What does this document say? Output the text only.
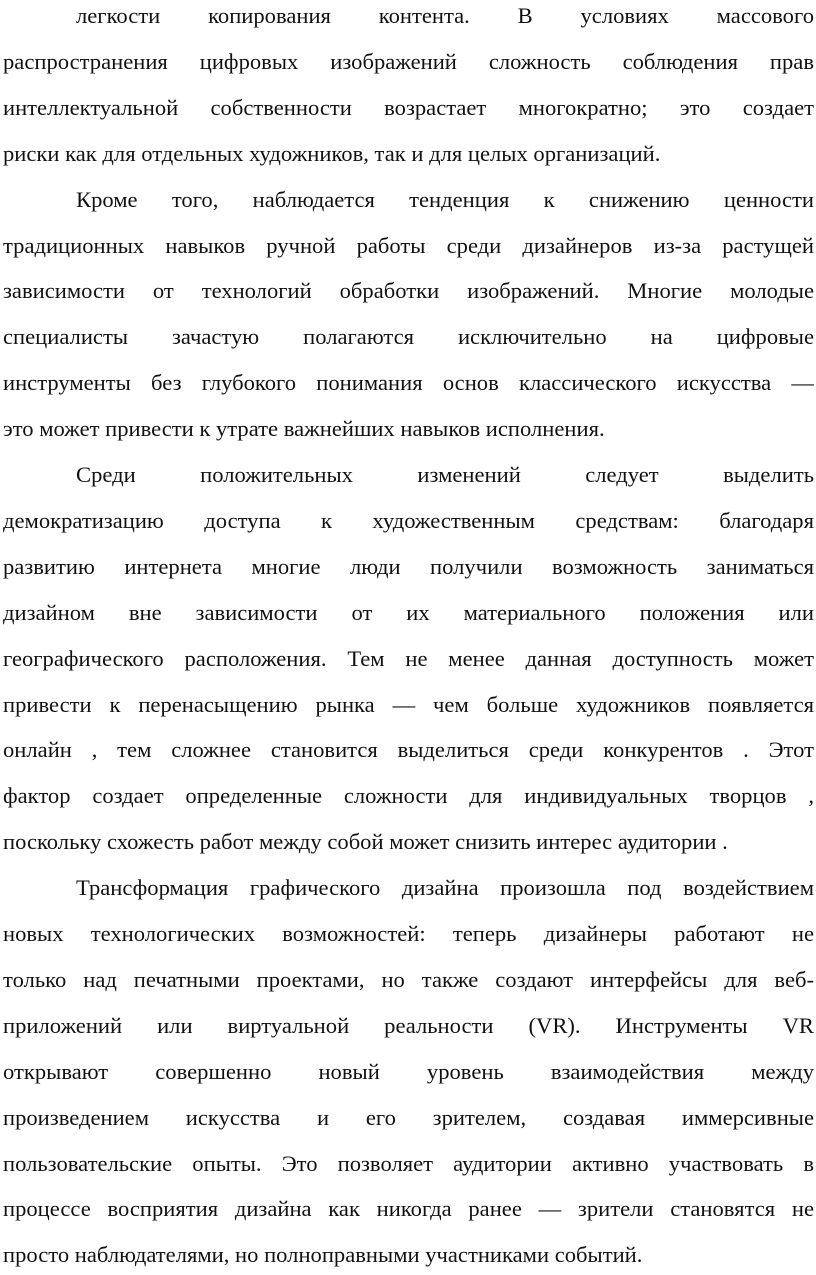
легкости копирования контента. В условиях массового
распространения цифровых изображений сложность соблюдения прав
интеллектуальной собственности возрастает многократно; это создает
риски как для отдельных художников, так и для целых организаций.
Кроме того, наблюдается тенденция к снижению ценности
традиционных навыков ручной работы среди дизайнеров из-за растущей
зависимости от технологий обработки изображений. Многие молодые
специалисты зачастую полагаются исключительно на цифровые
инструменты без глубокого понимания основ классического искусства —
это может привести к утрате важнейших навыков исполнения.
Среди положительных изменений следует выделить
демократизацию доступа к художественным средствам: благодаря
развитию интернета многие люди получили возможность заниматься
дизайном вне зависимости от их материального положения или
географического расположения. Тем не менее данная доступность может
привести к перенасыщению рынка — чем больше художников появляется
онлайн , тем сложнее становится выделиться среди конкурентов . Этот
фактор создает определенные сложности для индивидуальных творцов ,
поскольку схожесть работ между собой может снизить интерес аудитории .
Трансформация графического дизайна произошла под воздействием
новых технологических возможностей: теперь дизайнеры работают не
только над печатными проектами, но также создают интерфейсы для веб-
приложений или виртуальной реальности (VR). Инструменты VR
открывают совершенно новый уровень взаимодействия между
произведением искусства и его зрителем, создавая иммерсивные
пользовательские опыты. Это позволяет аудитории активно участвовать в
процессе восприятия дизайна как никогда ранее — зрители становятся не
просто наблюдателями, но полноправными участниками событий.
